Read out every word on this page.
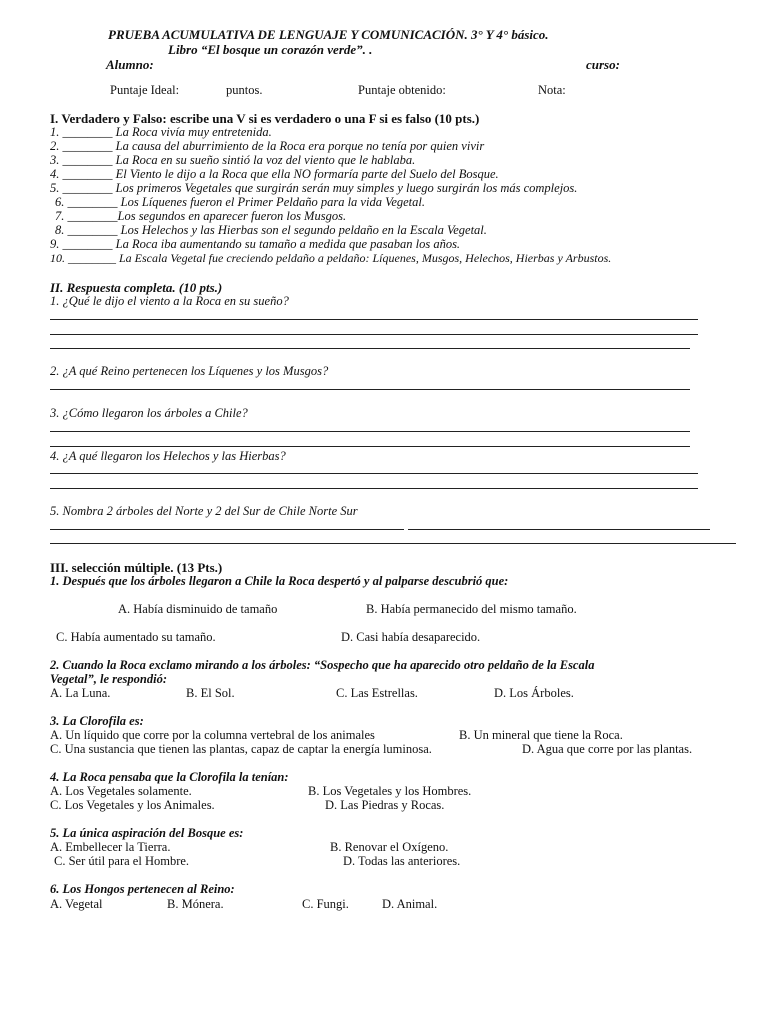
PRUEBA ACUMULATIVA DE LENGUAJE Y COMUNICACIÓN. 3° Y 4° básico.
Libro “El bosque un corazón verde”. .
Alumno:	curso:
Puntaje Ideal:	puntos.	Puntaje obtenido:	Nota:
I. Verdadero y Falso: escribe una V si es verdadero o una F si es falso (10 pts.)
1. ________ La Roca vivía muy entretenida.
2. ________ La causa del aburrimiento de la Roca era porque no tenía por quien vivir
3. ________ La Roca en su sueño sintió la voz del viento que le hablaba.
4. ________ El Viento le dijo a la Roca que ella NO formaría parte del Suelo del Bosque.
5. ________ Los primeros Vegetales que surgirán serán muy simples y luego surgirán los más complejos.
6. ________ Los Líquenes fueron el Primer Peldaño para la vida Vegetal.
7. ________Los segundos en aparecer fueron los Musgos.
8. ________ Los Helechos y las Hierbas son el segundo peldaño en la Escala Vegetal.
9. ________ La Roca iba aumentando su tamaño a medida que pasaban los años.
10. ________ La Escala Vegetal fue creciendo peldaño a peldaño: Líquenes, Musgos, Helechos, Hierbas y Arbustos.
II. Respuesta completa. (10 pts.)
1. ¿Qué le dijo el viento a la Roca en su sueño?
2. ¿A qué Reino pertenecen los Líquenes y los Musgos?
3. ¿Cómo llegaron los árboles a Chile?
4. ¿A qué llegaron los Helechos y las Hierbas?
5. Nombra 2 árboles del Norte y 2 del Sur de Chile Norte Sur
III. selección múltiple. (13 Pts.)
1. Después que los árboles llegaron a Chile la Roca despertó y al palparse descubrió que:
A. Había disminuido de tamaño	B. Había permanecido del mismo tamaño.
C. Había aumentado su tamaño.	D. Casi había desaparecido.
2. Cuando la Roca exclamo mirando a los árboles: “Sospecho que ha aparecido otro peldaño de la Escala
Vegetal”, le respondió:
A. La Luna.	B. El Sol.	C. Las Estrellas.	D. Los Árboles.
3. La Clorofila es:
A. Un líquido que corre por la columna vertebral de los animales	B. Un mineral que tiene la Roca.
C. Una sustancia que tienen las plantas, capaz de captar la energía luminosa.	D. Agua que corre por las plantas.
4. La Roca pensaba que la Clorofila la tenían:
A. Los Vegetales solamente.	B. Los Vegetales y los Hombres.
C. Los Vegetales y los Animales.	D. Las Piedras y Rocas.
5. La única aspiración del Bosque es:
A. Embellecer la Tierra.	B. Renovar el Oxígeno.
C. Ser útil para el Hombre.	D. Todas las anteriores.
6. Los Hongos pertenecen al Reino:
A. Vegetal	B. Mónera.	C. Fungi.	D. Animal.
